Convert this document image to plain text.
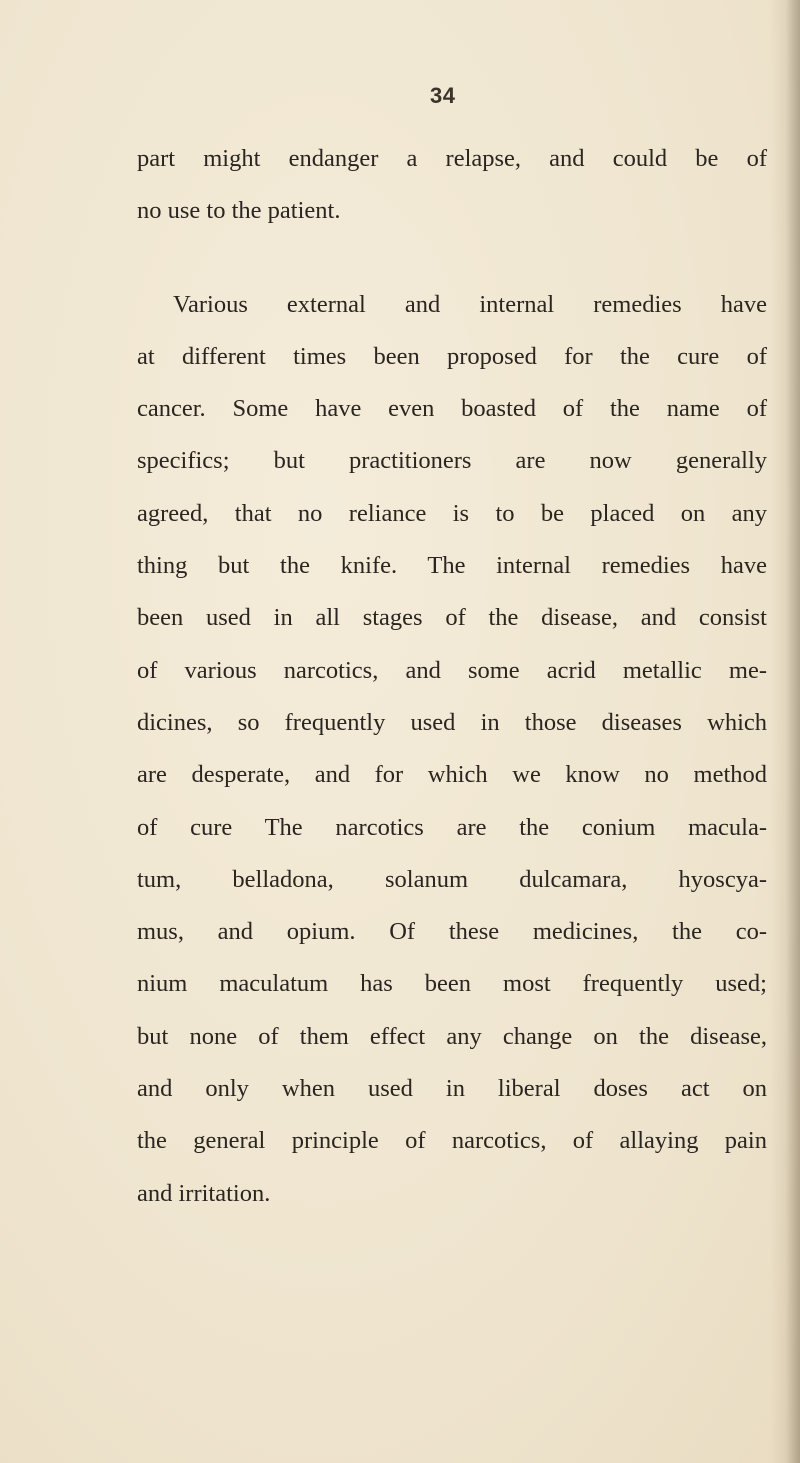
34
part might endanger a relapse, and could be of
no use to the patient.
Various external and internal remedies have
at different times been proposed for the cure of
cancer. Some have even boasted of the name of
specifics; but practitioners are now generally
agreed, that no reliance is to be placed on any
thing but the knife. The internal remedies have
been used in all stages of the disease, and consist
of various narcotics, and some acrid metallic me-
dicines, so frequently used in those diseases which
are desperate, and for which we know no method
of cure The narcotics are the conium macula-
tum, belladona, solanum dulcamara, hyoscya-
mus, and opium. Of these medicines, the co-
nium maculatum has been most frequently used;
but none of them effect any change on the disease,
and only when used in liberal doses act on
the general principle of narcotics, of allaying pain
and irritation.
